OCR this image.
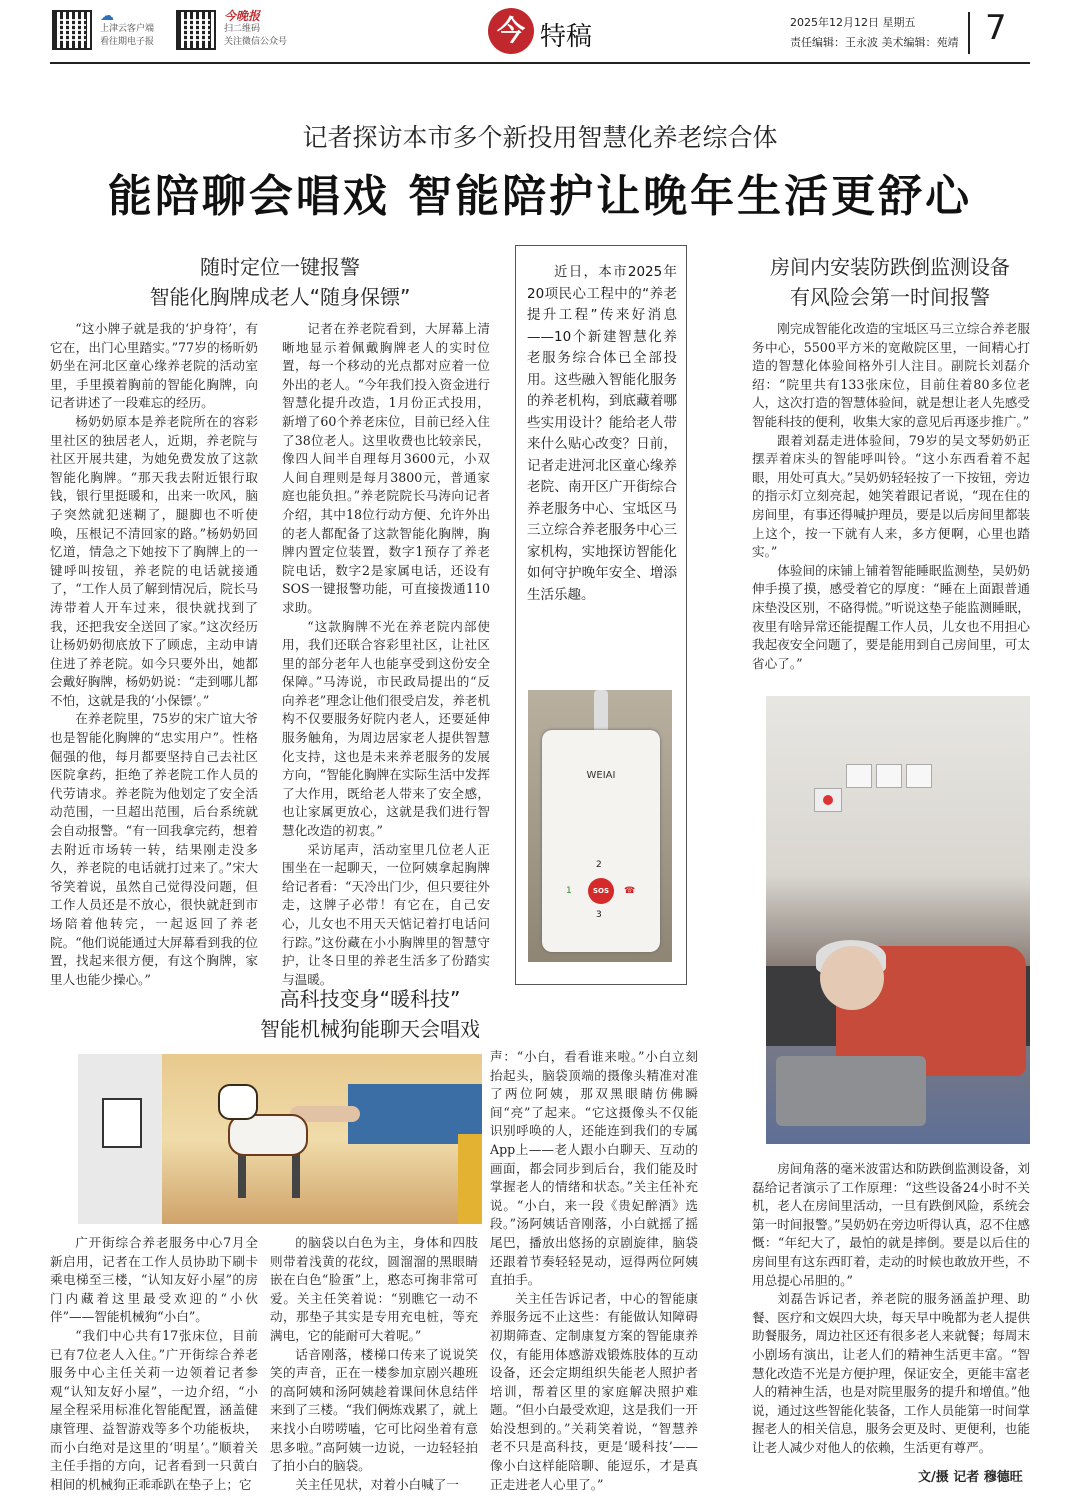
☁
上津云客户端
看往期电子报
今晚报
扫二维码
关注微信公众号	今 特稿	2025年12月12日 星期五
责任编辑：王永波 美术编辑：苑靖 7
记者探访本市多个新投用智慧化养老综合体
能陪聊会唱戏 智能陪护让晚年生活更舒心
随时定位一键报警
智能化胸牌成老人“随身保镖”

“这小牌子就是我的‘护身符’，有它在，出门心里踏实。”77岁的杨昕奶奶坐在河北区童心缘养老院的活动室里，手里摸着胸前的智能化胸牌，向记者讲述了一段难忘的经历。

杨奶奶原本是养老院所在的容彩里社区的独居老人，近期，养老院与社区开展共建，为她免费发放了这款智能化胸牌。“那天我去附近银行取钱，银行里挺暖和，出来一吹风，脑子突然就犯迷糊了，腿脚也不听使唤，压根记不清回家的路。”杨奶奶回忆道，情急之下她按下了胸牌上的一键呼叫按钮，养老院的电话就接通了，“工作人员了解到情况后，院长马涛带着人开车过来，很快就找到了我，还把我安全送回了家。”这次经历让杨奶奶彻底放下了顾虑，主动申请住进了养老院。如今只要外出，她都会戴好胸牌，杨奶奶说：“走到哪儿都不怕，这就是我的‘小保镖’。”

在养老院里，75岁的宋广谊大爷也是智能化胸牌的“忠实用户”。性格倔强的他，每月都要坚持自己去社区医院拿药，拒绝了养老院工作人员的代劳请求。养老院为他划定了安全活动范围，一旦超出范围，后台系统就会自动报警。“有一回我拿完药，想着去附近市场转一转，结果刚走没多久，养老院的电话就打过来了。”宋大爷笑着说，虽然自己觉得没问题，但工作人员还是不放心，很快就赶到市场陪着他转完，一起返回了养老院。“他们说能通过大屏幕看到我的位置，找起来很方便，有这个胸牌，家里人也能少操心。”

记者在养老院看到，大屏幕上清晰地显示着佩戴胸牌老人的实时位置，每一个移动的光点都对应着一位外出的老人。“今年我们投入资金进行智慧化提升改造，1月份正式投用，新增了60个养老床位，目前已经入住了38位老人。这里收费也比较亲民，像四人间半自理每月3600元，小双人间自理则是每月3800元，普通家庭也能负担。”养老院院长马涛向记者介绍，其中18位行动方便、允许外出的老人都配备了这款智能化胸牌，胸牌内置定位装置，数字1预存了养老院电话，数字2是家属电话，还设有SOS一键报警功能，可直接拨通110求助。

“这款胸牌不光在养老院内部使用，我们还联合容彩里社区，让社区里的部分老年人也能享受到这份安全保障。”马涛说，市民政局提出的“反向养老”理念让他们很受启发，养老机构不仅要服务好院内老人，还要延伸服务触角，为周边居家老人提供智慧化支持，这也是未来养老服务的发展方向，“智能化胸牌在实际生活中发挥了大作用，既给老人带来了安全感，也让家属更放心，这就是我们进行智慧化改造的初衷。”

采访尾声，活动室里几位老人正围坐在一起聊天，一位阿姨拿起胸牌给记者看：“天冷出门少，但只要往外走，这牌子必带！有它在，自己安心，儿女也不用天天惦记着打电话问行踪。”这份藏在小小胸牌里的智慧守护，让冬日里的养老生活多了份踏实与温暖。

近日，本市2025年20项民心工程中的“养老提升工程”传来好消息——10个新建智慧化养老服务综合体已全部投用。这些融入智能化服务的养老机构，到底藏着哪些实用设计？能给老人带来什么贴心改变？日前，记者走进河北区童心缘养老院、南开区广开街综合养老服务中心、宝坻区马三立综合养老服务中心三家机构，实地探访智能化如何守护晚年安全、增添生活乐趣。

WEIAI
2
1	SOS	☎
3
房间内安装防跌倒监测设备
有风险会第一时间报警

刚完成智能化改造的宝坻区马三立综合养老服务中心，5500平方米的宽敞院区里，一间精心打造的智慧化体验间格外引人注目。副院长刘磊介绍：“院里共有133张床位，目前住着80多位老人，这次打造的智慧体验间，就是想让老人先感受智能科技的便利，收集大家的意见后再逐步推广。”

跟着刘磊走进体验间，79岁的吴文琴奶奶正摆弄着床头的智能呼叫铃。“这小东西看着不起眼，用处可真大。”吴奶奶轻轻按了一下按钮，旁边的指示灯立刻亮起，她笑着跟记者说，“现在住的房间里，有事还得喊护理员，要是以后房间里都装上这个，按一下就有人来，多方便啊，心里也踏实。”

体验间的床铺上铺着智能睡眠监测垫，吴奶奶伸手摸了摸，感受着它的厚度：“睡在上面跟普通床垫没区别，不硌得慌。”听说这垫子能监测睡眠，夜里有啥异常还能提醒工作人员，儿女也不用担心我起夜安全问题了，要是能用到自己房间里，可太省心了。”

房间角落的毫米波雷达和防跌倒监测设备，刘磊给记者演示了工作原理：“这些设备24小时不关机，老人在房间里活动，一旦有跌倒风险，系统会第一时间报警。”吴奶奶在旁边听得认真，忍不住感慨：“年纪大了，最怕的就是摔倒。要是以后住的房间里有这东西盯着，走动的时候也敢放开些，不用总提心吊胆的。”

刘磊告诉记者，养老院的服务涵盖护理、助餐、医疗和文娱四大块，每天早中晚都为老人提供助餐服务，周边社区还有很多老人来就餐；每周末小剧场有演出，让老人们的精神生活更丰富。“智慧化改造不光是方便护理，保证安全，更能丰富老人的精神生活，也是对院里服务的提升和增值。”他说，通过这些智能化装备，工作人员能第一时间掌握老人的相关信息，服务会更及时、更便利，也能让老人减少对他人的依赖，生活更有尊严。

高科技变身“暖科技”
智能机械狗能聊天会唱戏

广开街综合养老服务中心7月全新启用，记者在工作人员协助下刷卡乘电梯至三楼，“认知友好小屋”的房门内藏着这里最受欢迎的“小伙伴”——智能机械狗“小白”。

“我们中心共有17张床位，目前已有7位老人入住。”广开街综合养老服务中心主任关莉一边领着记者参观“认知友好小屋”，一边介绍，“小屋全程采用标准化智能配置，涵盖健康管理、益智游戏等多个功能板块，而小白绝对是这里的‘明星’。”顺着关主任手指的方向，记者看到一只黄白相间的机械狗正乖乖趴在垫子上；它

的脑袋以白色为主，身体和四肢则带着浅黄的花纹，圆溜溜的黑眼睛嵌在白色“脸蛋”上，憨态可掬非常可爱。关主任笑着说：“别瞧它一动不动，那垫子其实是专用充电桩，等充满电，它的能耐可大着呢。”

话音刚落，楼梯口传来了说说笑笑的声音，正在一楼参加京剧兴趣班的高阿姨和汤阿姨趁着课间休息结伴来到了三楼。“我们俩炼戏累了，就上来找小白唠唠嗑，它可比闷坐着有意思多啦。”高阿姨一边说，一边轻轻拍了拍小白的脑袋。

关主任见状，对着小白喊了一

声：“小白，看看谁来啦。”小白立刻抬起头，脑袋顶端的摄像头精准对准了两位阿姨，那双黑眼睛仿佛瞬间“亮”了起来。“它这摄像头不仅能识别呼唤的人，还能连到我们的专属App上——老人跟小白聊天、互动的画面，都会同步到后台，我们能及时掌握老人的情绪和状态。”关主任补充说。“小白，来一段《贵妃醉酒》选段。”汤阿姨话音刚落，小白就摇了摇尾巴，播放出悠扬的京剧旋律，脑袋还跟着节奏轻轻晃动，逗得两位阿姨直拍手。

关主任告诉记者，中心的智能康养服务远不止这些：有能做认知障碍初期筛查、定制康复方案的智能康养仪，有能用体感游戏锻炼肢体的互动设备，还会定期组织失能老人照护者培训，帮着区里的家庭解决照护难题。“但小白最受欢迎，这是我们一开始没想到的。”关莉笑着说，“智慧养老不只是高科技，更是‘暖科技’——像小白这样能陪聊、能逗乐，才是真正走进老人心里了。”	文/摄 记者 穆德旺
